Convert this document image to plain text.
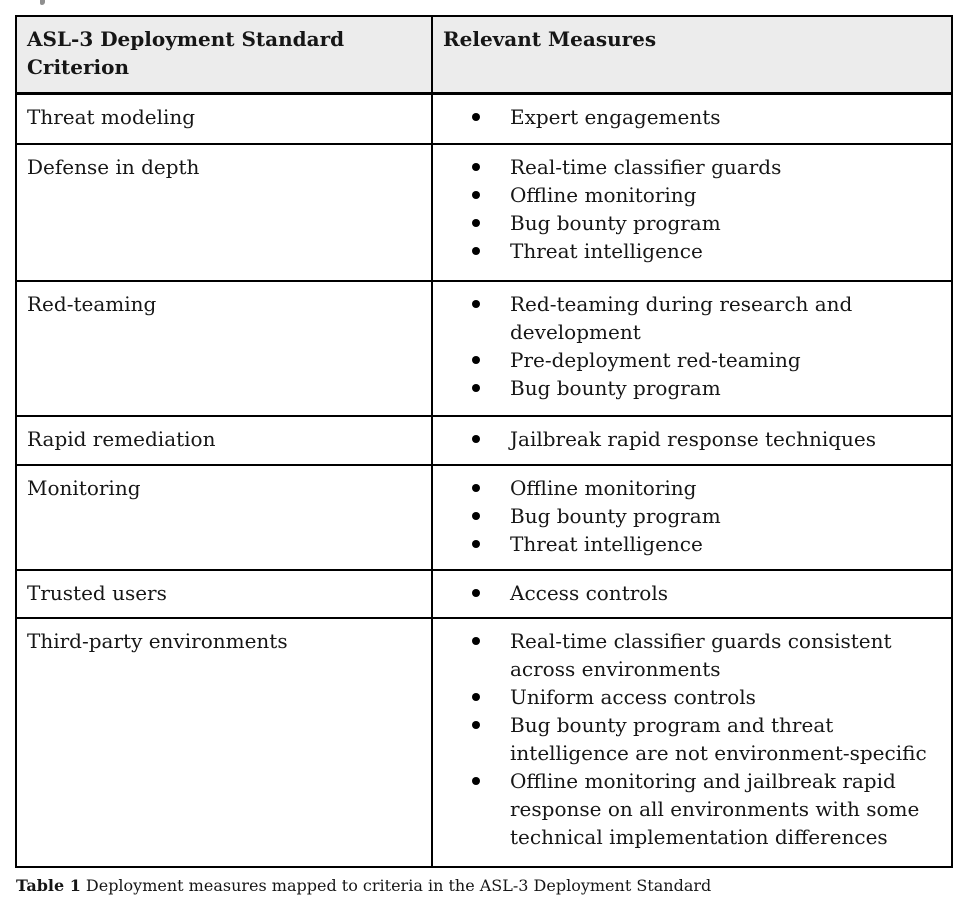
ASL-3 Deployment Standard Criterion	Relevant Measures
Threat modeling	Expert engagements

Defense in depth	Real-time classifier guards
Offline monitoring
Bug bounty program
Threat intelligence

Red-teaming	Red-teaming during research and development
Pre-deployment red-teaming
Bug bounty program

Rapid remediation	Jailbreak rapid response techniques

Monitoring	Offline monitoring
Bug bounty program
Threat intelligence

Trusted users	Access controls

Third-party environments	Real-time classifier guards consistent across environments
Uniform access controls
Bug bounty program and threat intelligence are not environment-specific
Offline monitoring and jailbreak rapid response on all environments with some technical implementation differences

Table 1 Deployment measures mapped to criteria in the ASL-3 Deployment Standard
